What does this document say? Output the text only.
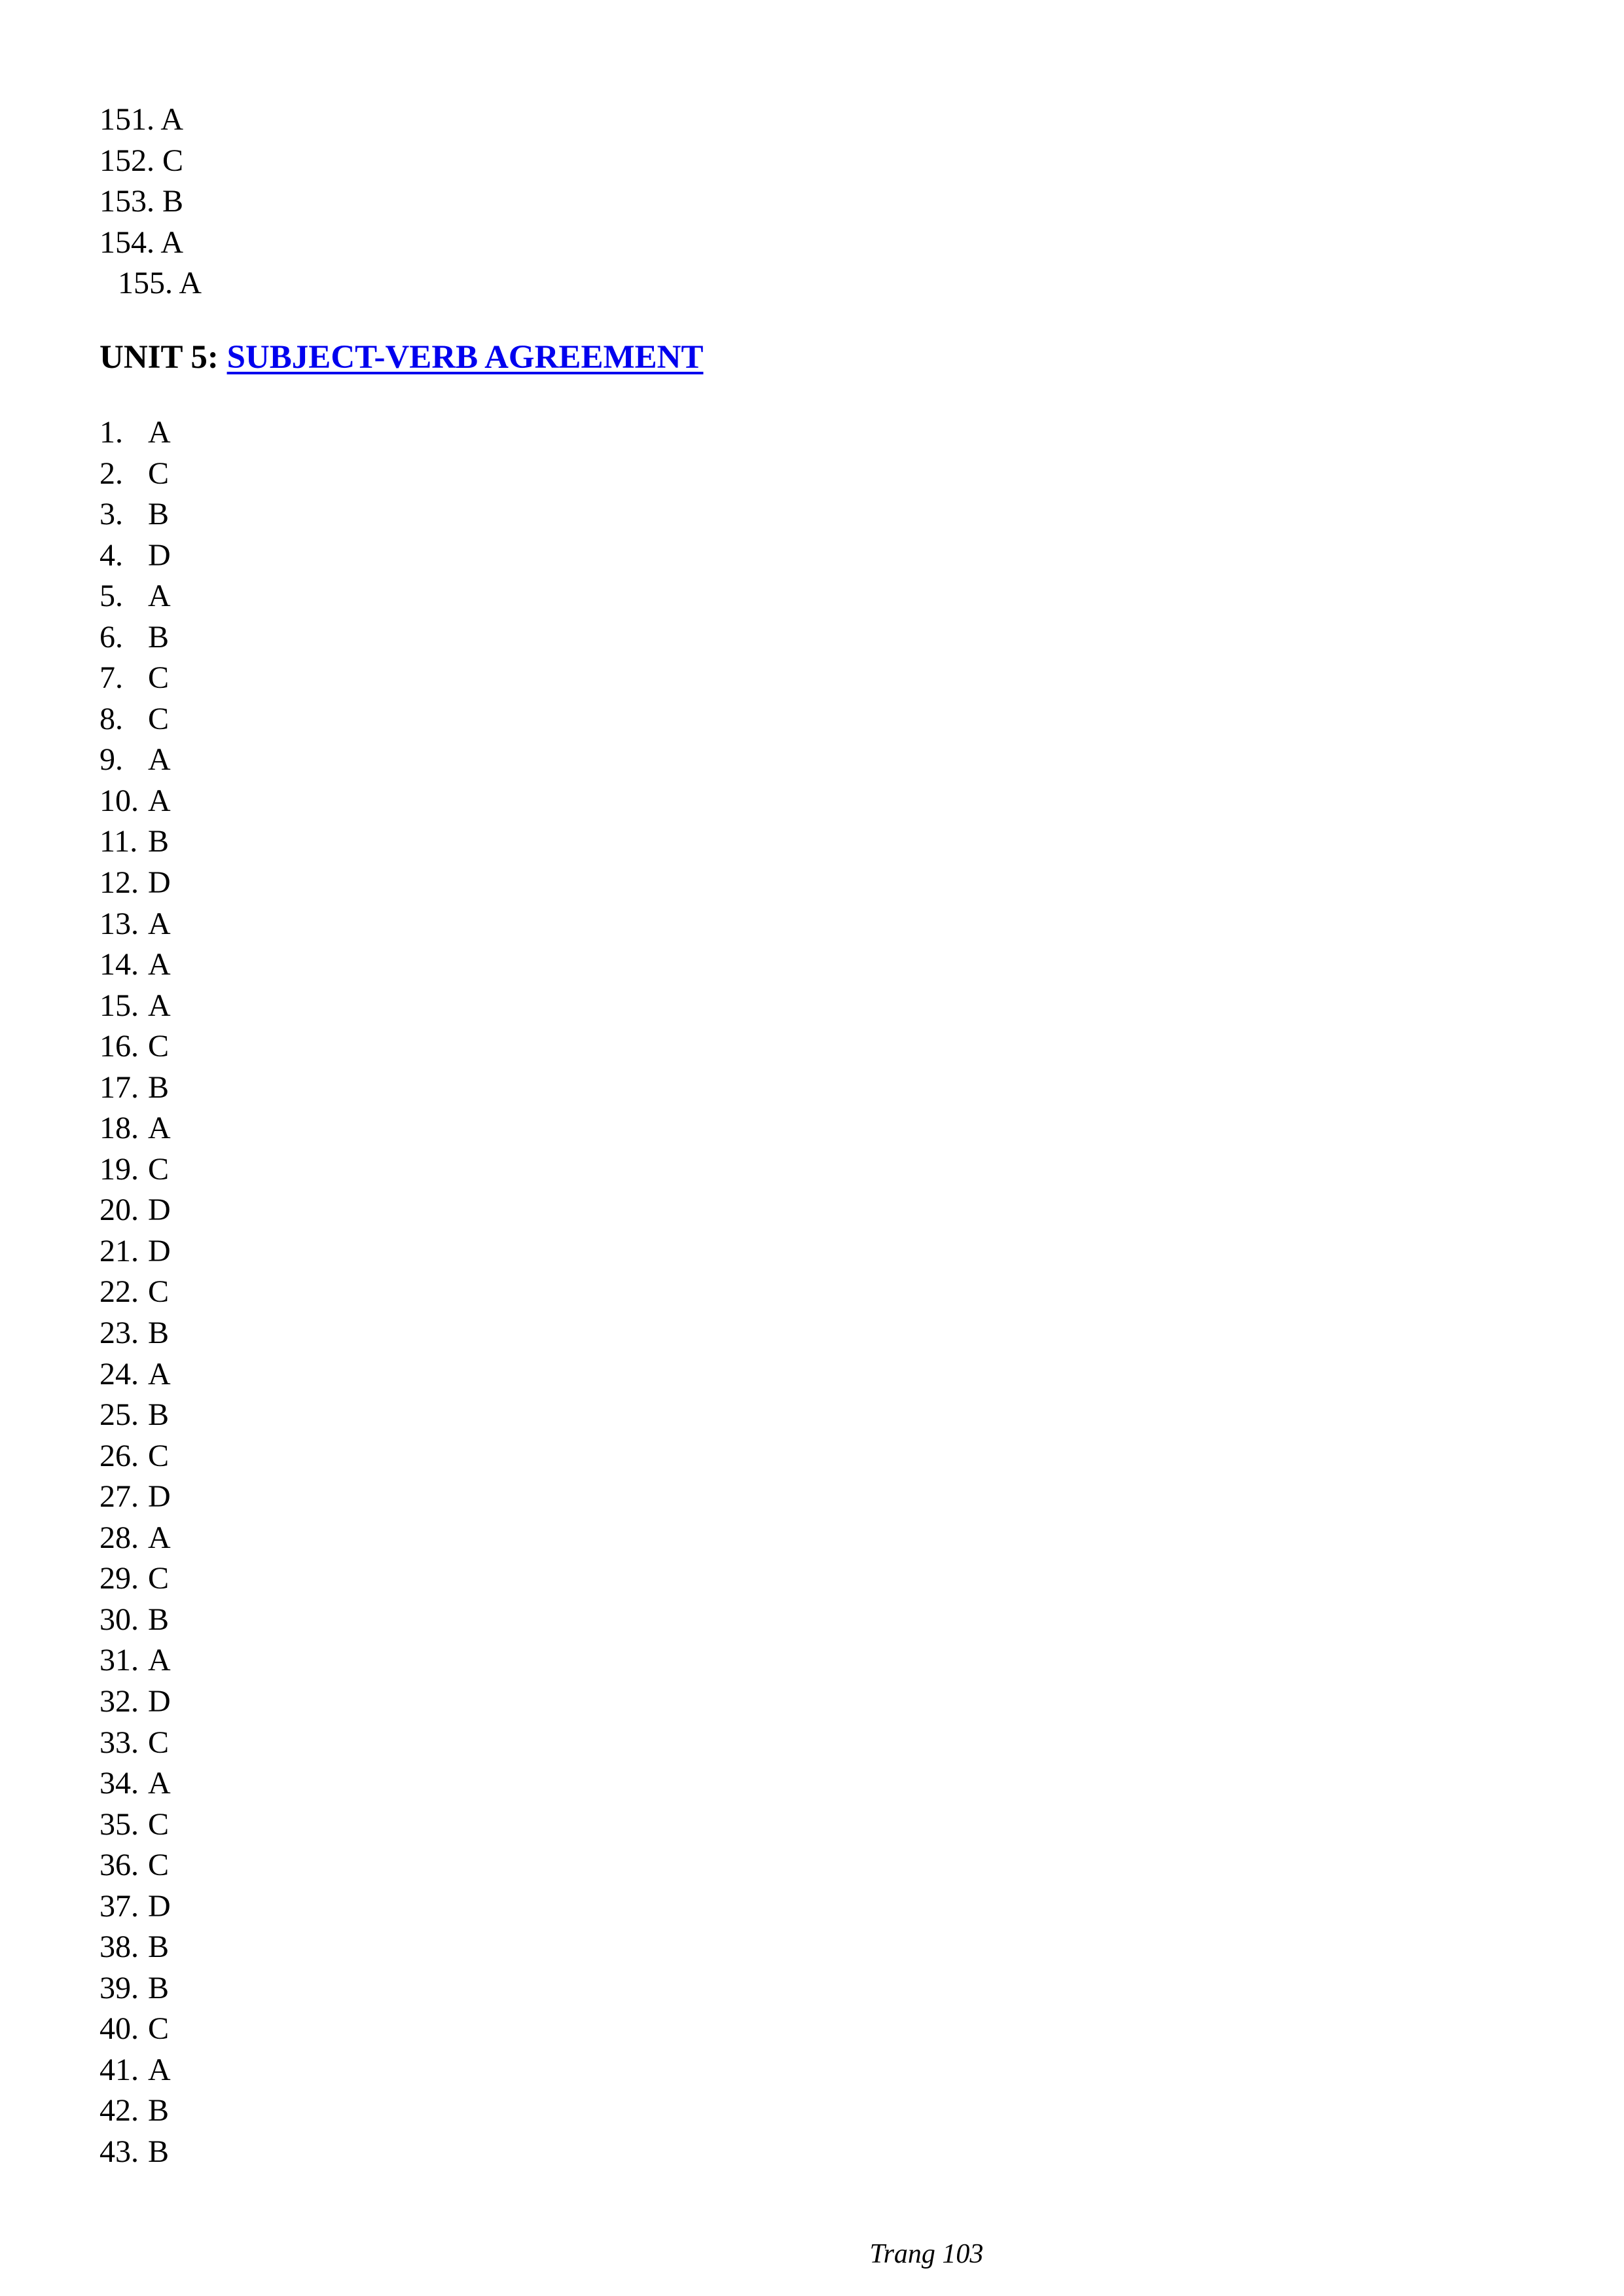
151. A
152. C
153. B
154. A
155. A
UNIT 5: SUBJECT-VERB AGREEMENT
1. A
2. C
3. B
4. D
5. A
6. B
7. C
8. C
9. A
10. A
11. B
12. D
13. A
14. A
15. A
16. C
17. B
18. A
19. C
20. D
21. D
22. C
23. B
24. A
25. B
26. C
27. D
28. A
29. C
30. B
31. A
32. D
33. C
34. A
35. C
36. C
37. D
38. B
39. B
40. C
41. A
42. B
43. B
Trang 103
